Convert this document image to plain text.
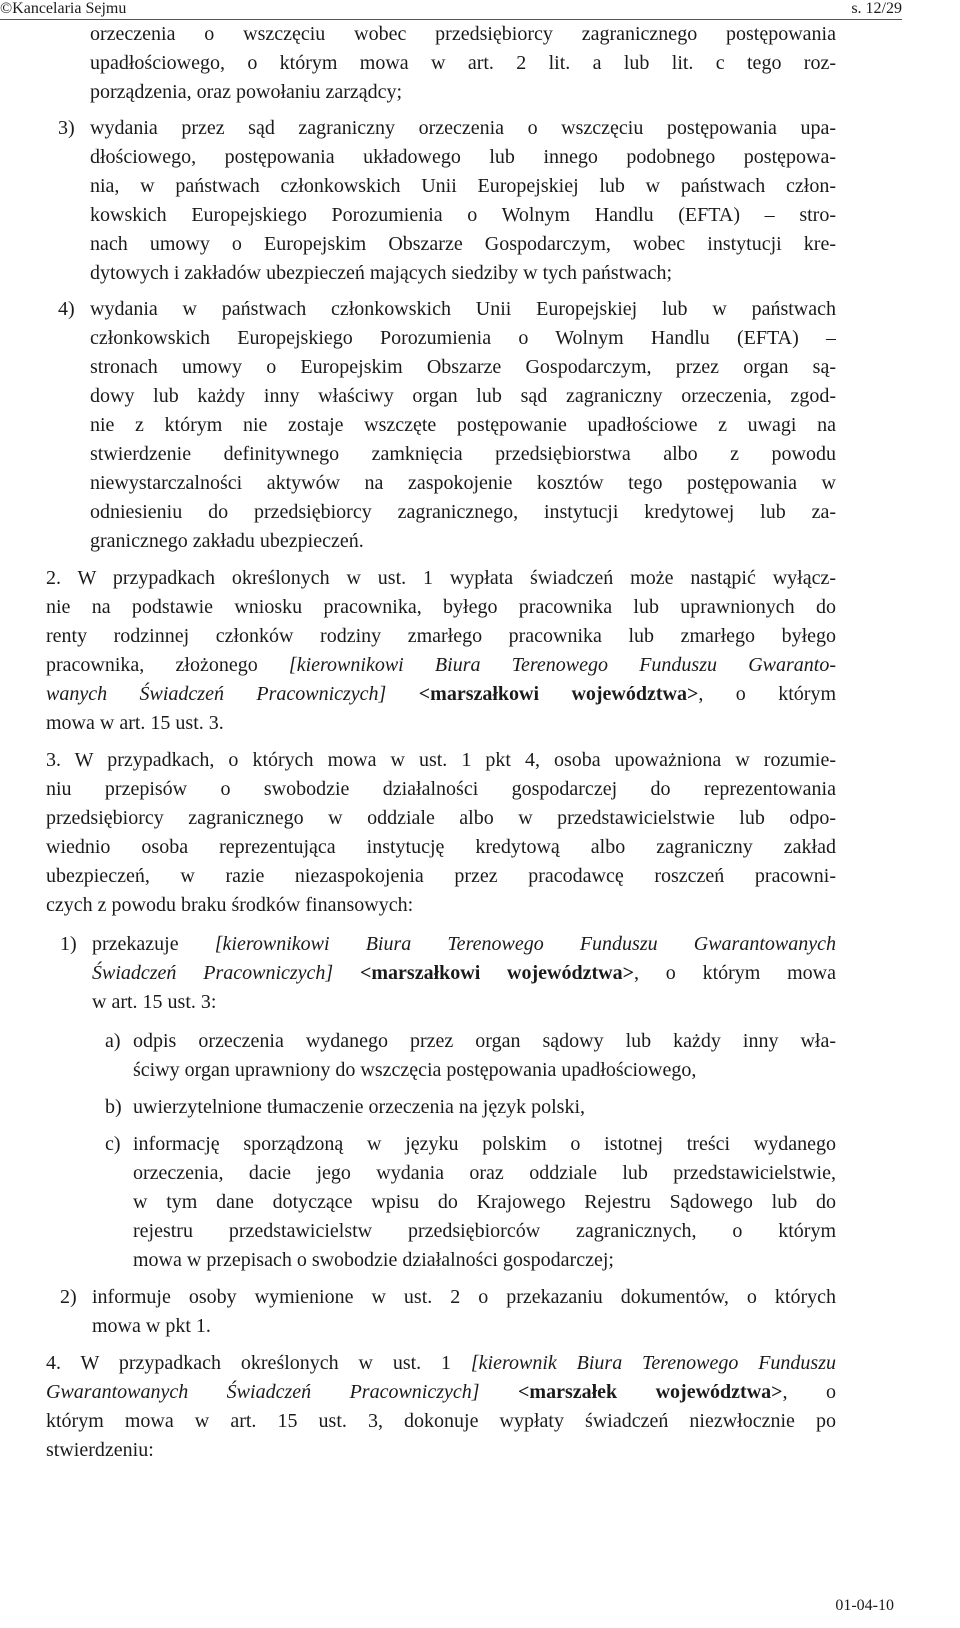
©Kancelaria Sejmu	s. 12/29
orzeczenia o wszczęciu wobec przedsiębiorcy zagranicznego postępowania
upadłościowego, o którym mowa w art. 2 lit. a lub lit. c tego roz-
porządzenia, oraz powołaniu zarządcy;
3) wydania przez sąd zagraniczny orzeczenia o wszczęciu postępowania upa-
dłościowego, postępowania układowego lub innego podobnego postępowa-
nia, w państwach członkowskich Unii Europejskiej lub w państwach człon-
kowskich Europejskiego Porozumienia o Wolnym Handlu (EFTA) – stro-
nach umowy o Europejskim Obszarze Gospodarczym, wobec instytucji kre-
dytowych i zakładów ubezpieczeń mających siedziby w tych państwach;
4) wydania w państwach członkowskich Unii Europejskiej lub w państwach
członkowskich Europejskiego Porozumienia o Wolnym Handlu (EFTA) –
stronach umowy o Europejskim Obszarze Gospodarczym, przez organ są-
dowy lub każdy inny właściwy organ lub sąd zagraniczny orzeczenia, zgod-
nie z którym nie zostaje wszczęte postępowanie upadłościowe z uwagi na
stwierdzenie definitywnego zamknięcia przedsiębiorstwa albo z powodu
niewystarczalności aktywów na zaspokojenie kosztów tego postępowania w
odniesieniu do przedsiębiorcy zagranicznego, instytucji kredytowej lub za-
granicznego zakładu ubezpieczeń.
2. W przypadkach określonych w ust. 1 wypłata świadczeń może nastąpić wyłącz-
nie na podstawie wniosku pracownika, byłego pracownika lub uprawnionych do
renty rodzinnej członków rodziny zmarłego pracownika lub zmarłego byłego
pracownika, złożonego [kierownikowi Biura Terenowego Funduszu Gwaranto-
wanych Świadczeń Pracowniczych] <marszałkowi województwa>, o którym
mowa w art. 15 ust. 3.
3. W przypadkach, o których mowa w ust. 1 pkt 4, osoba upoważniona w rozumie-
niu przepisów o swobodzie działalności gospodarczej do reprezentowania
przedsiębiorcy zagranicznego w oddziale albo w przedstawicielstwie lub odpo-
wiednio osoba reprezentująca instytucję kredytową albo zagraniczny zakład
ubezpieczeń, w razie niezaspokojenia przez pracodawcę roszczeń pracowni-
czych z powodu braku środków finansowych:
1) przekazuje [kierownikowi Biura Terenowego Funduszu Gwarantowanych
Świadczeń Pracowniczych] <marszałkowi województwa>, o którym mowa
w art. 15 ust. 3:
a) odpis orzeczenia wydanego przez organ sądowy lub każdy inny wła-
ściwy organ uprawniony do wszczęcia postępowania upadłościowego,
b) uwierzytelnione tłumaczenie orzeczenia na język polski,
c) informację sporządzoną w języku polskim o istotnej treści wydanego
orzeczenia, dacie jego wydania oraz oddziale lub przedstawicielstwie,
w tym dane dotyczące wpisu do Krajowego Rejestru Sądowego lub do
rejestru przedstawicielstw przedsiębiorców zagranicznych, o którym
mowa w przepisach o swobodzie działalności gospodarczej;
2) informuje osoby wymienione w ust. 2 o przekazaniu dokumentów, o których
mowa w pkt 1.
4. W przypadkach określonych w ust. 1 [kierownik Biura Terenowego Funduszu
Gwarantowanych Świadczeń Pracowniczych] <marszałek województwa>, o
którym mowa w art. 15 ust. 3, dokonuje wypłaty świadczeń niezwłocznie po
stwierdzeniu:
01-04-10
